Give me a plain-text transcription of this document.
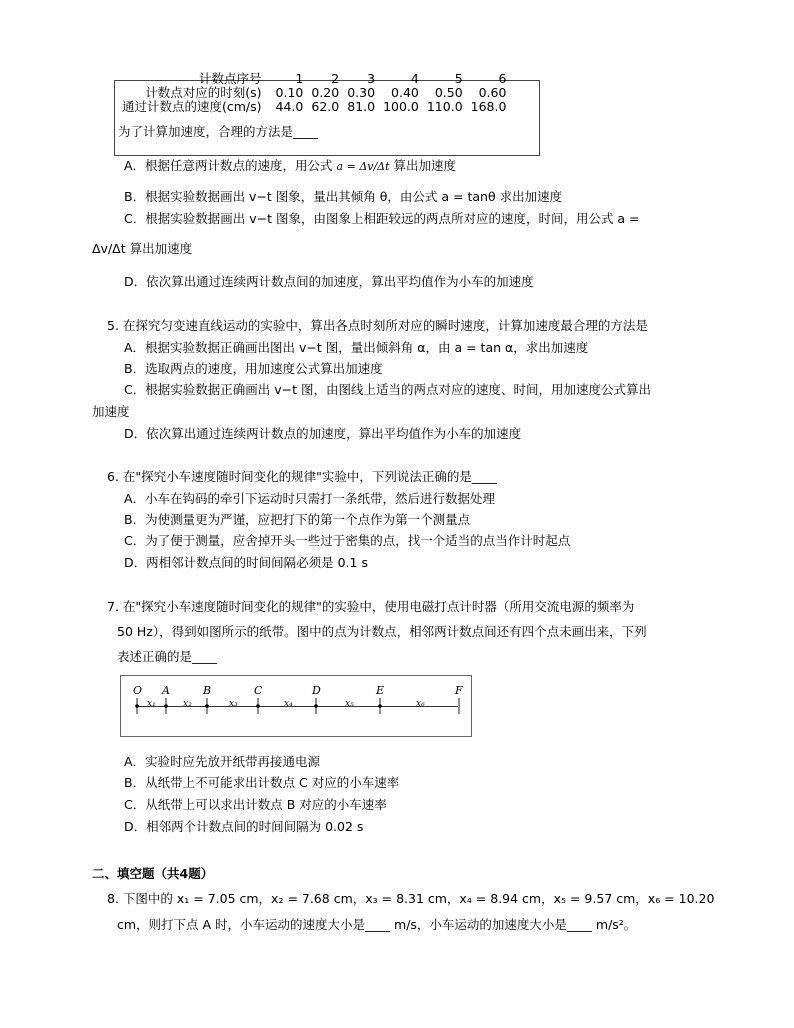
计数点序号	1	2	3	4	5	6
计数点对应的时刻(s)	0.10	0.20	0.30	0.40	0.50	0.60
通过计数点的速度(cm/s)	44.0	62.0	81.0	100.0	110.0	168.0
为了计算加速度，合理的方法是____
A．根据任意两计数点的速度，用公式 a = Δv/Δt 算出加速度
B．根据实验数据画出 v−t 图象，量出其倾角 θ，由公式 a = tanθ 求出加速度
C．根据实验数据画出 v−t 图象，由图象上相距较远的两点所对应的速度，时间，用公式 a =
Δv/Δt 算出加速度
D．依次算出通过连续两计数点间的加速度，算出平均值作为小车的加速度
5. 在探究匀变速直线运动的实验中，算出各点时刻所对应的瞬时速度，计算加速度最合理的方法是
A．根据实验数据正确画出图出 v−t 图，量出倾斜角 α，由 a = tan α，求出加速度
B．选取两点的速度，用加速度公式算出加速度
C．根据实验数据正确画出 v−t 图，由图线上适当的两点对应的速度、时间，用加速度公式算出
加速度
D．依次算出通过连续两计数点的加速度，算出平均值作为小车的加速度
6. 在"探究小车速度随时间变化的规律"实验中，下列说法正确的是____
A．小车在钩码的牵引下运动时只需打一条纸带，然后进行数据处理
B．为使测量更为严谨，应把打下的第一个点作为第一个测量点
C．为了便于测量，应舍掉开头一些过于密集的点，找一个适当的点当作计时起点
D．两相邻计数点间的时间间隔必须是 0.1 s
7. 在"探究小车速度随时间变化的规律"的实验中，使用电磁打点计时器（所用交流电源的频率为
50 Hz），得到如图所示的纸带。图中的点为计数点，相邻两计数点间还有四个点未画出来，下列
表述正确的是____
O A	B	C	D	E	F
x₁	x₂	x₃	x₄	x₅	x₆
A．实验时应先放开纸带再接通电源
B．从纸带上不可能求出计数点 C 对应的小车速率
C．从纸带上可以求出计数点 B 对应的小车速率
D．相邻两个计数点间的时间间隔为 0.02 s
二、填空题（共4题）
8. 下图中的 x₁ = 7.05 cm，x₂ = 7.68 cm，x₃ = 8.31 cm，x₄ = 8.94 cm，x₅ = 9.57 cm，x₆ = 10.20
cm，则打下点 A 时，小车运动的速度大小是____ m/s，小车运动的加速度大小是____ m/s²。
